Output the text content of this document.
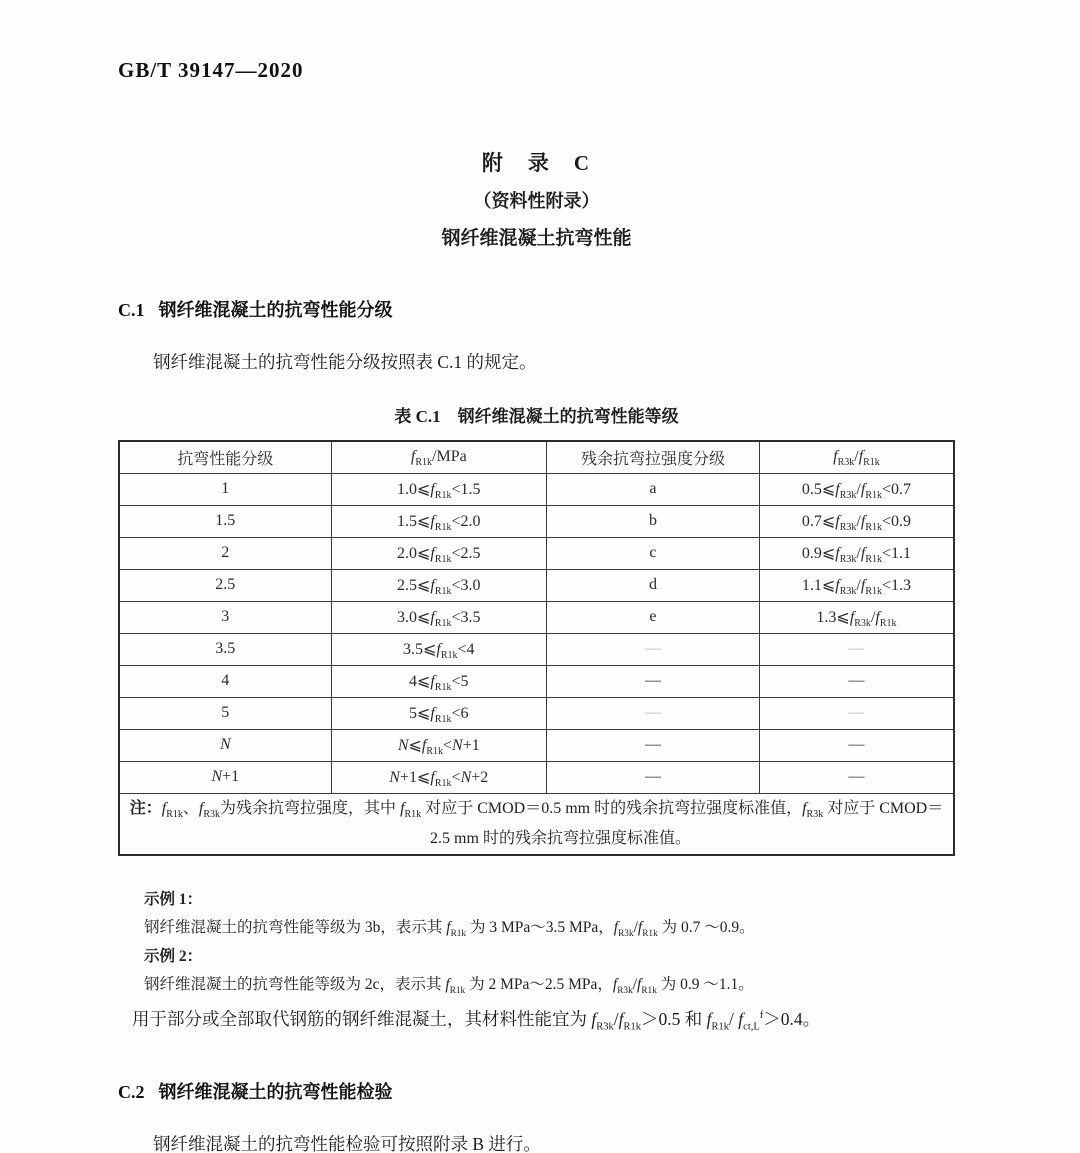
GB/T 39147—2020
附　录　C
（资料性附录）
钢纤维混凝土抗弯性能
C.1 钢纤维混凝土的抗弯性能分级
钢纤维混凝土的抗弯性能分级按照表 C.1 的规定。
表 C.1　钢纤维混凝土的抗弯性能等级
抗弯性能分级	$f_{R1k}$/MPa	残余抗弯拉强度分级	$f_{R3k}/f_{R1k}$
1	$1.0⩽f_{R1k}<1.5$	a	$0.5⩽f_{R3k}/f_{R1k}<0.7$
1.5	$1.5⩽f_{R1k}<2.0$	b	$0.7⩽f_{R3k}/f_{R1k}<0.9$
2	$2.0⩽f_{R1k}<2.5$	c	$0.9⩽f_{R3k}/f_{R1k}<1.1$
2.5	$2.5⩽f_{R1k}<3.0$	d	$1.1⩽f_{R3k}/f_{R1k}<1.3$
3	$3.0⩽f_{R1k}<3.5$	e	$1.3⩽f_{R3k}/f_{R1k}$
3.5	$3.5⩽f_{R1k}<4$	—	—
4	$4⩽f_{R1k}<5$	—	—
5	$5⩽f_{R1k}<6$	—	—
N	$N⩽f_{R1k}<N+1$	—	—
N+1	$N+1⩽f_{R1k}<N+2$	—	—

注：$f_{R1k}$、$f_{R3k}$为残余抗弯拉强度，其中 $f_{R1k}$ 对应于 CMOD＝0.5 mm 时的残余抗弯拉强度标准值，$f_{R3k}$ 对应于 CMOD＝2.5 mm 时的残余抗弯拉强度标准值。			
示例 1：
钢纤维混凝土的抗弯性能等级为 3b，表示其 $f_{R1k}$ 为 3 MPa～3.5 MPa，$f_{R3k}/f_{R1k}$ 为 0.7 ～0.9。
示例 2：
钢纤维混凝土的抗弯性能等级为 2c，表示其 $f_{R1k}$ 为 2 MPa～2.5 MPa，$f_{R3k}/f_{R1k}$ 为 0.9 ～1.1。
用于部分或全部取代钢筋的钢纤维混凝土，其材料性能宜为 $f_{R3k}/f_{R1k}>0.5$ 和 $f_{R1k}/$ $f_{ct,L}^f>0.4$。
C.2 钢纤维混凝土的抗弯性能检验
钢纤维混凝土的抗弯性能检验可按照附录 B 进行。
